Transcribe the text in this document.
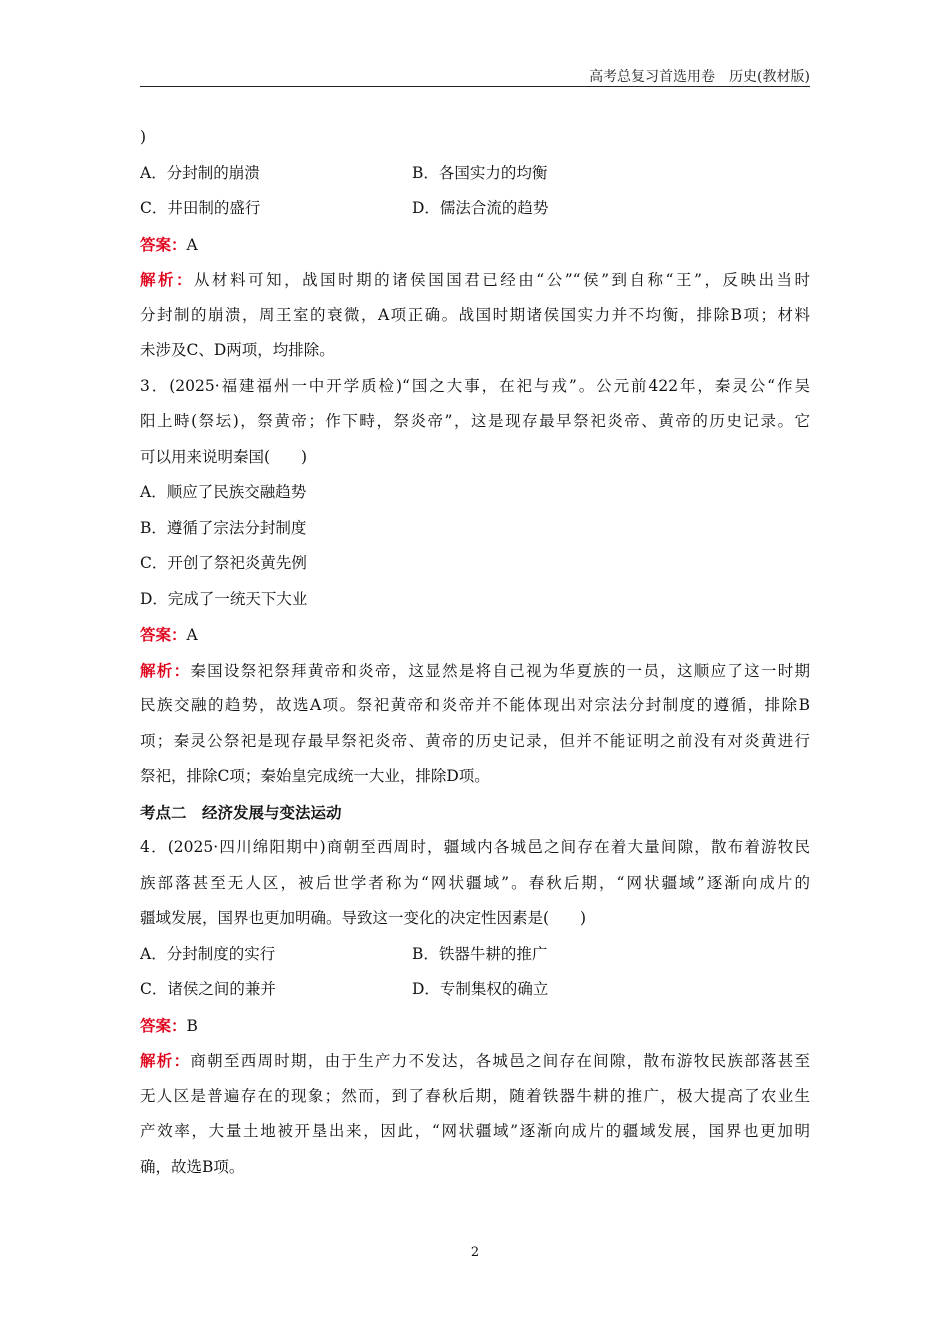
高考总复习首选用卷　历史(教材版)
)
A．分封制的崩溃	B．各国实力的均衡
C．井田制的盛行	D．儒法合流的趋势
答案：A
解析：从材料可知，战国时期的诸侯国国君已经由“公”“侯”到自称“王”，反映出当时
分封制的崩溃，周王室的衰微，A项正确。战国时期诸侯国实力并不均衡，排除B项；材料
未涉及C、D两项，均排除。
3．(2025·福建福州一中开学质检)“国之大事，在祀与戎”。公元前422年，秦灵公“作吴
阳上畤(祭坛)，祭黄帝；作下畤，祭炎帝”，这是现存最早祭祀炎帝、黄帝的历史记录。它
可以用来说明秦国(　　)
A．顺应了民族交融趋势
B．遵循了宗法分封制度
C．开创了祭祀炎黄先例
D．完成了一统天下大业
答案：A
解析：秦国设祭祀祭拜黄帝和炎帝，这显然是将自己视为华夏族的一员，这顺应了这一时期
民族交融的趋势，故选A项。祭祀黄帝和炎帝并不能体现出对宗法分封制度的遵循，排除B
项；秦灵公祭祀是现存最早祭祀炎帝、黄帝的历史记录，但并不能证明之前没有对炎黄进行
祭祀，排除C项；秦始皇完成统一大业，排除D项。
考点二　经济发展与变法运动
4．(2025·四川绵阳期中)商朝至西周时，疆域内各城邑之间存在着大量间隙，散布着游牧民
族部落甚至无人区，被后世学者称为“网状疆域”。春秋后期，“网状疆域”逐渐向成片的
疆域发展，国界也更加明确。导致这一变化的决定性因素是(　　)
A．分封制度的实行	B．铁器牛耕的推广
C．诸侯之间的兼并	D．专制集权的确立
答案：B
解析：商朝至西周时期，由于生产力不发达，各城邑之间存在间隙，散布游牧民族部落甚至
无人区是普遍存在的现象；然而，到了春秋后期，随着铁器牛耕的推广，极大提高了农业生
产效率，大量土地被开垦出来，因此，“网状疆域”逐渐向成片的疆域发展，国界也更加明
确，故选B项。
2
